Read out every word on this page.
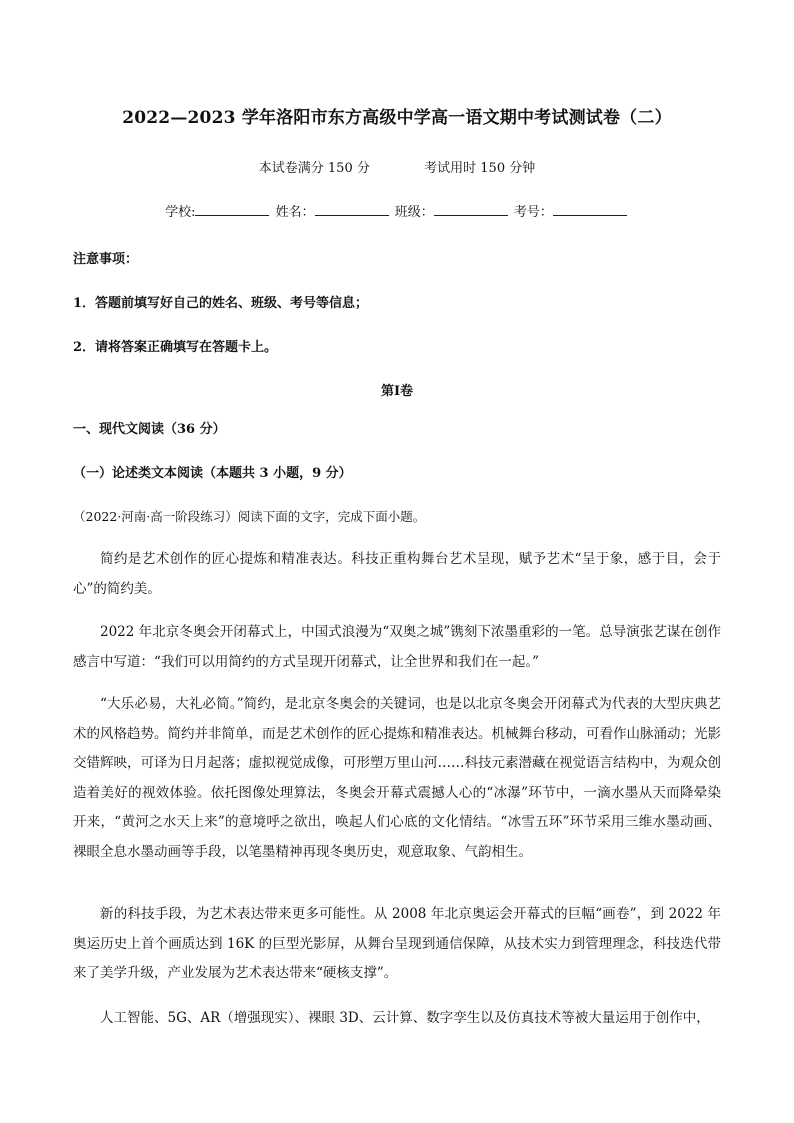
2022—2023 学年洛阳市东方高级中学高一语文期中考试测试卷（二）
本试卷满分 150 分	考试用时 150 分钟
学校:	姓名：	班级：	考号：
注意事项：
1．答题前填写好自己的姓名、班级、考号等信息；
2．请将答案正确填写在答题卡上。
第Ⅰ卷
一、现代文阅读（36 分）
（一）论述类文本阅读（本题共 3 小题，9 分）
（2022·河南·高一阶段练习）阅读下面的文字，完成下面小题。
简约是艺术创作的匠心提炼和精准表达。科技正重构舞台艺术呈现，赋予艺术“呈于象，感于目，会于心”的简约美。
2022 年北京冬奥会开闭幕式上，中国式浪漫为“双奥之城”镌刻下浓墨重彩的一笔。总导演张艺谋在创作感言中写道：“我们可以用简约的方式呈现开闭幕式，让全世界和我们在一起。”
“大乐必易，大礼必简。”简约，是北京冬奥会的关键词，也是以北京冬奥会开闭幕式为代表的大型庆典艺术的风格趋势。简约并非简单，而是艺术创作的匠心提炼和精准表达。机械舞台移动，可看作山脉涌动；光影交错辉映，可译为日月起落；虚拟视觉成像，可形塑万里山河……科技元素潜藏在视觉语言结构中，为观众创造着美好的视效体验。依托图像处理算法，冬奥会开幕式震撼人心的“冰瀑”环节中，一滴水墨从天而降晕染开来，“黄河之水天上来”的意境呼之欲出，唤起人们心底的文化情结。“冰雪五环”环节采用三维水墨动画、裸眼全息水墨动画等手段，以笔墨精神再现冬奥历史，观意取象、气韵相生。
新的科技手段，为艺术表达带来更多可能性。从 2008 年北京奥运会开幕式的巨幅“画卷”，到 2022 年奥运历史上首个画质达到 16K 的巨型光影屏，从舞台呈现到通信保障，从技术实力到管理理念，科技迭代带来了美学升级，产业发展为艺术表达带来“硬核支撑”。
人工智能、5G、AR（增强现实）、裸眼 3D、云计算、数字孪生以及仿真技术等被大量运用于创作中，
